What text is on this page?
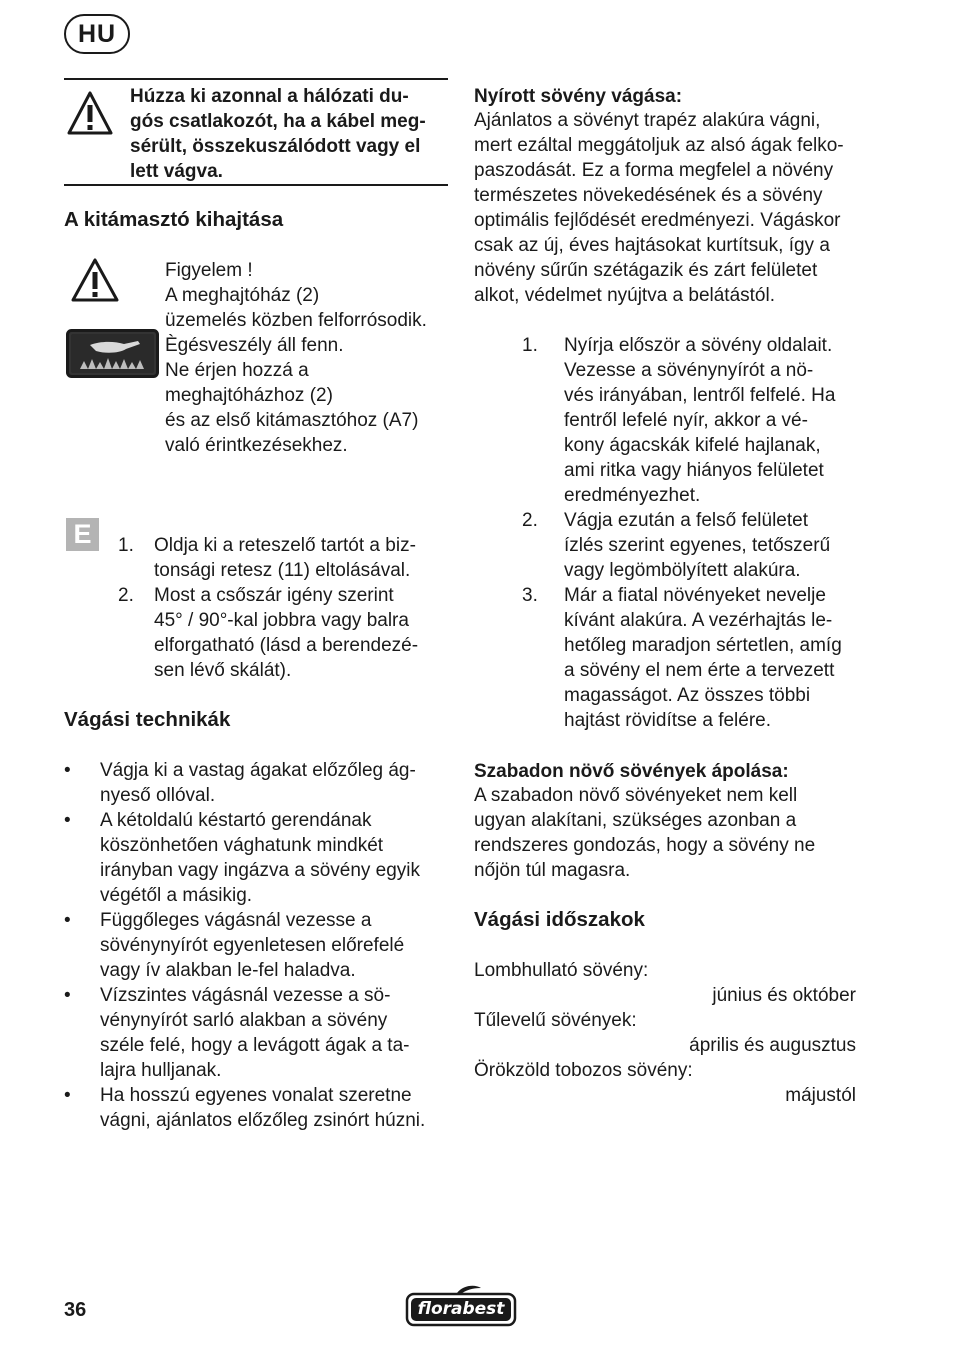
HU
Húzza ki azonnal a hálózati du-
gós csatlakozót, ha a kábel meg-
sérült, összekuszálódott vagy el
lett vágva.
A kitámasztó kihajtása
Figyelem !
A meghajtóház (2)
üzemelés közben felforrósodik.
Ègésveszély áll fenn.
Ne érjen hozzá a
meghajtóházhoz (2)
és az első kitámasztóhoz (A7)
való érintkezésekhez.
E	1. Oldja ki a reteszelő tartót a biz-
tonsági retesz (11) eltolásával.
2. Most a csőszár igény szerint
45° / 90°-kal jobbra vagy balra
elforgatható (lásd a berendezé-
sen lévő skálát).
Vágási technikák
• Vágja ki a vastag ágakat előzőleg ág-
nyeső ollóval.
• A kétoldalú késtartó gerendának
köszönhetően vághatunk mindkét
irányban vagy ingázva a sövény egyik
végétől a másikig.
• Függőleges vágásnál vezesse a
sövénynyírót egyenletesen előrefelé
vagy ív alakban le-fel haladva.
• Vízszintes vágásnál vezesse a sö-
vénynyírót sarló alakban a sövény
széle felé, hogy a levágott ágak a ta-
lajra hulljanak.
• Ha hosszú egyenes vonalat szeretne
vágni, ajánlatos előzőleg zsinórt húzni.
Nyírott sövény vágása:
Ajánlatos a sövényt trapéz alakúra vágni,
mert ezáltal meggátoljuk az alsó ágak felko-
paszodását. Ez a forma megfelel a növény
természetes növekedésének és a sövény
optimális fejlődését eredményezi. Vágáskor
csak az új, éves hajtásokat kurtítsuk, így a
növény sűrűn szétágazik és zárt felületet
alkot, védelmet nyújtva a belátástól.
1. Nyírja először a sövény oldalait.
Vezesse a sövénynyírót a nö-
vés irányában, lentről felfelé. Ha
fentről lefelé nyír, akkor a vé-
kony ágacskák kifelé hajlanak,
ami ritka vagy hiányos felületet
eredményezhet.
2. Vágja ezután a felső felületet
ízlés szerint egyenes, tetőszerű
vagy legömbölyített alakúra.
3. Már a fiatal növényeket nevelje
kívánt alakúra. A vezérhajtás le-
hetőleg maradjon sértetlen, amíg
a sövény el nem érte a tervezett
magasságot. Az összes többi
hajtást rövidítse a felére.
Szabadon növő sövények ápolása:
A szabadon növő sövényeket nem kell
ugyan alakítani, szükséges azonban a
rendszeres gondozás, hogy a sövény ne
nőjön túl magasra.
Vágási időszakok
Lombhullató sövény:
június és október
Tűlevelű sövények:
április és augusztus
Örökzöld tobozos sövény:
májustól
36	florabest
